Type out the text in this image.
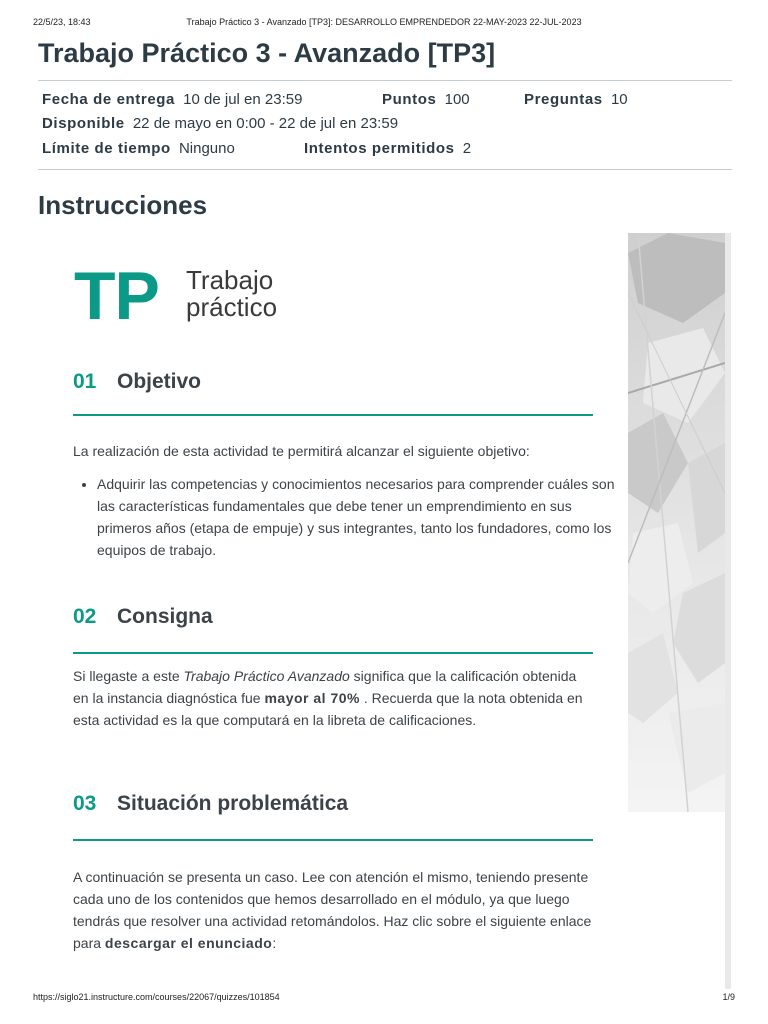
22/5/23, 18:43	Trabajo Práctico 3 - Avanzado [TP3]: DESARROLLO EMPRENDEDOR 22-MAY-2023 22-JUL-2023
Trabajo Práctico 3 - Avanzado [TP3]
Fecha de entrega 10 de jul en 23:59	Puntos 100	Preguntas 10
Disponible 22 de mayo en 0:00 - 22 de jul en 23:59
Límite de tiempo Ninguno	Intentos permitidos 2
Instrucciones
TP Trabajo
práctico
01 Objetivo

La realización de esta actividad te permitirá alcanzar el siguiente objetivo:

• Adquirir las competencias y conocimientos necesarios para comprender cuáles son las características fundamentales que debe tener un emprendimiento en sus primeros años (etapa de empuje) y sus integrantes, tanto los fundadores, como los equipos de trabajo.
02 Consigna

Si llegaste a este Trabajo Práctico Avanzado significa que la calificación obtenida en la instancia diagnóstica fue mayor al 70% . Recuerda que la nota obtenida en esta actividad es la que computará en la libreta de calificaciones.

03 Situación problemática

A continuación se presenta un caso. Lee con atención el mismo, teniendo presente cada uno de los contenidos que hemos desarrollado en el módulo, ya que luego tendrás que resolver una actividad retomándolos. Haz clic sobre el siguiente enlace para descargar el enunciado:

https://siglo21.instructure.com/courses/22067/quizzes/101854	1/9
